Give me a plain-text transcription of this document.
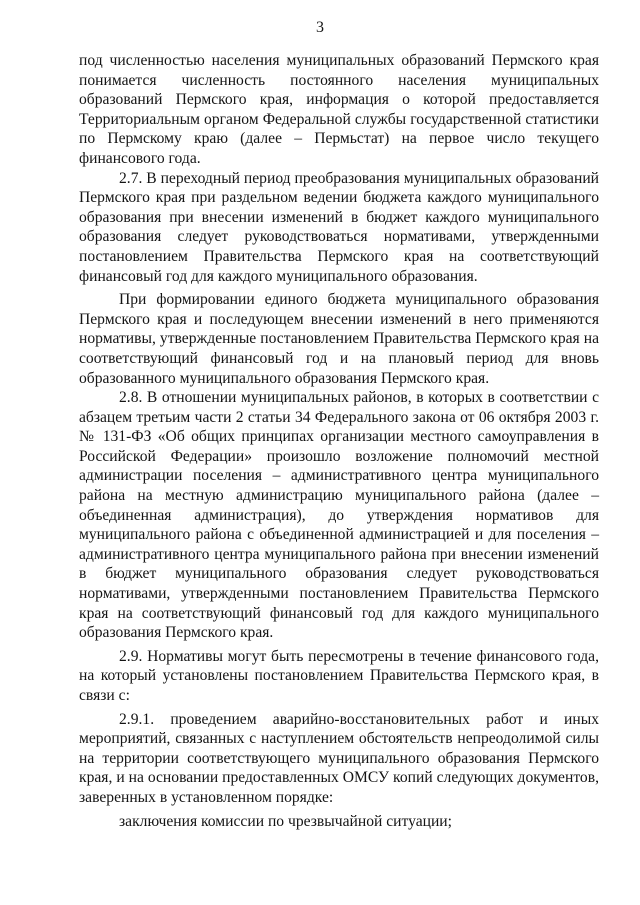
3

под численностью населения муниципальных образований Пермского края понимается численность постоянного населения муниципальных образований Пермского края, информация о которой предоставляется Территориальным органом Федеральной службы государственной статистики по Пермскому краю (далее – Пермьстат) на первое число текущего финансового года.

2.7. В переходный период преобразования муниципальных образований Пермского края при раздельном ведении бюджета каждого муниципального образования при внесении изменений в бюджет каждого муниципального образования следует руководствоваться нормативами, утвержденными постановлением Правительства Пермского края на соответствующий финансовый год для каждого муниципального образования.

При формировании единого бюджета муниципального образования Пермского края и последующем внесении изменений в него применяются нормативы, утвержденные постановлением Правительства Пермского края на соответствующий финансовый год и на плановый период для вновь образованного муниципального образования Пермского края.

2.8. В отношении муниципальных районов, в которых в соответствии с абзацем третьим части 2 статьи 34 Федерального закона от 06 октября 2003 г. № 131-ФЗ «Об общих принципах организации местного самоуправления в Российской Федерации» произошло возложение полномочий местной администрации поселения – административного центра муниципального района на местную администрацию муниципального района (далее – объединенная администрация), до утверждения нормативов для муниципального района с объединенной администрацией и для поселения – административного центра муниципального района при внесении изменений в бюджет муниципального образования следует руководствоваться нормативами, утвержденными постановлением Правительства Пермского края на соответствующий финансовый год для каждого муниципального образования Пермского края.

2.9. Нормативы могут быть пересмотрены в течение финансового года, на который установлены постановлением Правительства Пермского края, в связи с:

2.9.1. проведением аварийно-восстановительных работ и иных мероприятий, связанных с наступлением обстоятельств непреодолимой силы на территории соответствующего муниципального образования Пермского края, и на основании предоставленных ОМСУ копий следующих документов, заверенных в установленном порядке:

заключения комиссии по чрезвычайной ситуации;
